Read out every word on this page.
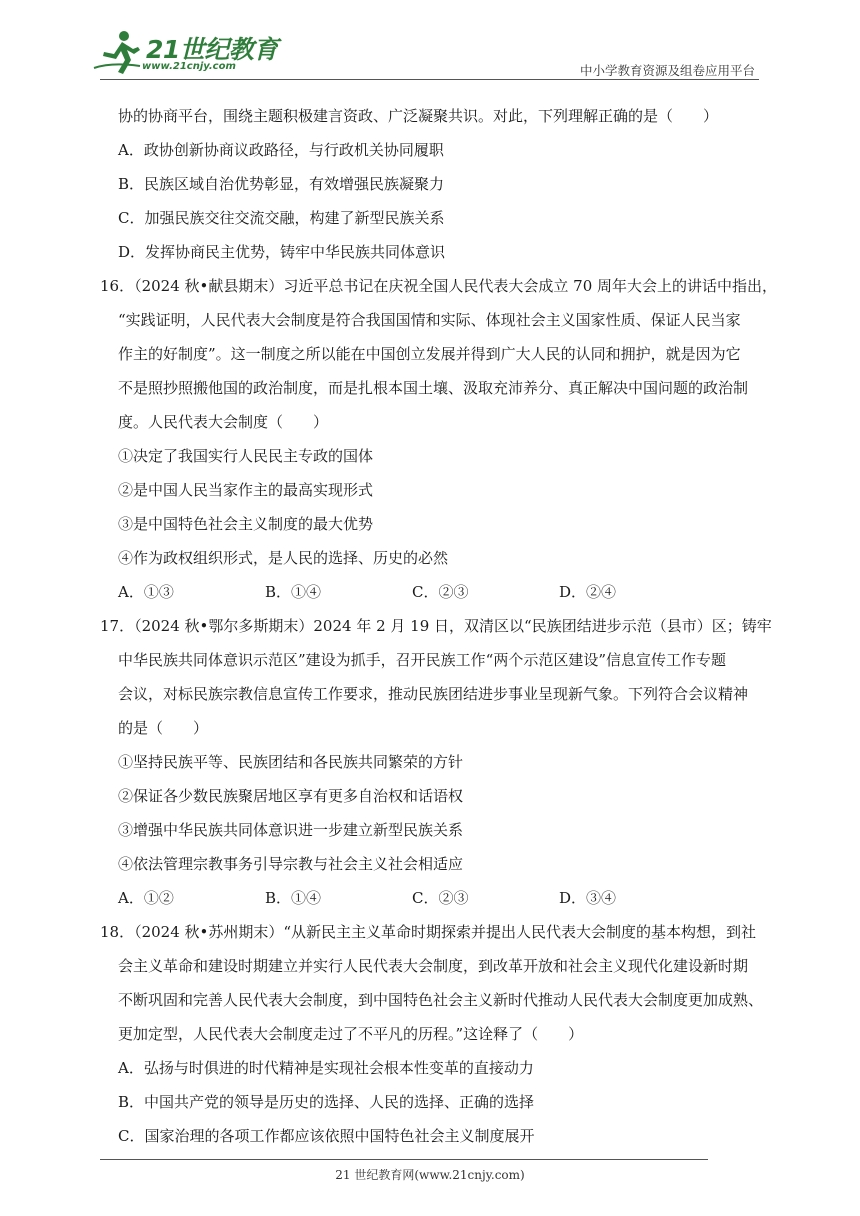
21世纪教育
www.21cnjy.com	中小学教育资源及组卷应用平台
协的协商平台，围绕主题积极建言资政、广泛凝聚共识。对此，下列理解正确的是（　　）
A．政协创新协商议政路径，与行政机关协同履职
B．民族区域自治优势彰显，有效增强民族凝聚力
C．加强民族交往交流交融，构建了新型民族关系
D．发挥协商民主优势，铸牢中华民族共同体意识
16．（2024 秋•献县期末）习近平总书记在庆祝全国人民代表大会成立 70 周年大会上的讲话中指出，
“实践证明，人民代表大会制度是符合我国国情和实际、体现社会主义国家性质、保证人民当家
作主的好制度”。这一制度之所以能在中国创立发展并得到广大人民的认同和拥护，就是因为它
不是照抄照搬他国的政治制度，而是扎根本国土壤、汲取充沛养分、真正解决中国问题的政治制
度。人民代表大会制度（　　）
①决定了我国实行人民民主专政的国体
②是中国人民当家作主的最高实现形式
③是中国特色社会主义制度的最大优势
④作为政权组织形式，是人民的选择、历史的必然
A．①③	B．①④	C．②③	D．②④
17．（2024 秋•鄂尔多斯期末）2024 年 2 月 19 日，双清区以“民族团结进步示范（县市）区；铸牢
中华民族共同体意识示范区”建设为抓手，召开民族工作“两个示范区建设”信息宣传工作专题
会议，对标民族宗教信息宣传工作要求，推动民族团结进步事业呈现新气象。下列符合会议精神
的是（　　）
①坚持民族平等、民族团结和各民族共同繁荣的方针
②保证各少数民族聚居地区享有更多自治权和话语权
③增强中华民族共同体意识进一步建立新型民族关系
④依法管理宗教事务引导宗教与社会主义社会相适应
A．①②	B．①④	C．②③	D．③④
18．（2024 秋•苏州期末）“从新民主主义革命时期探索并提出人民代表大会制度的基本构想，到社
会主义革命和建设时期建立并实行人民代表大会制度，到改革开放和社会主义现代化建设新时期
不断巩固和完善人民代表大会制度，到中国特色社会主义新时代推动人民代表大会制度更加成熟、
更加定型，人民代表大会制度走过了不平凡的历程。”这诠释了（　　）
A．弘扬与时俱进的时代精神是实现社会根本性变革的直接动力
B．中国共产党的领导是历史的选择、人民的选择、正确的选择
C．国家治理的各项工作都应该依照中国特色社会主义制度展开
21 世纪教育网(www.21cnjy.com)
